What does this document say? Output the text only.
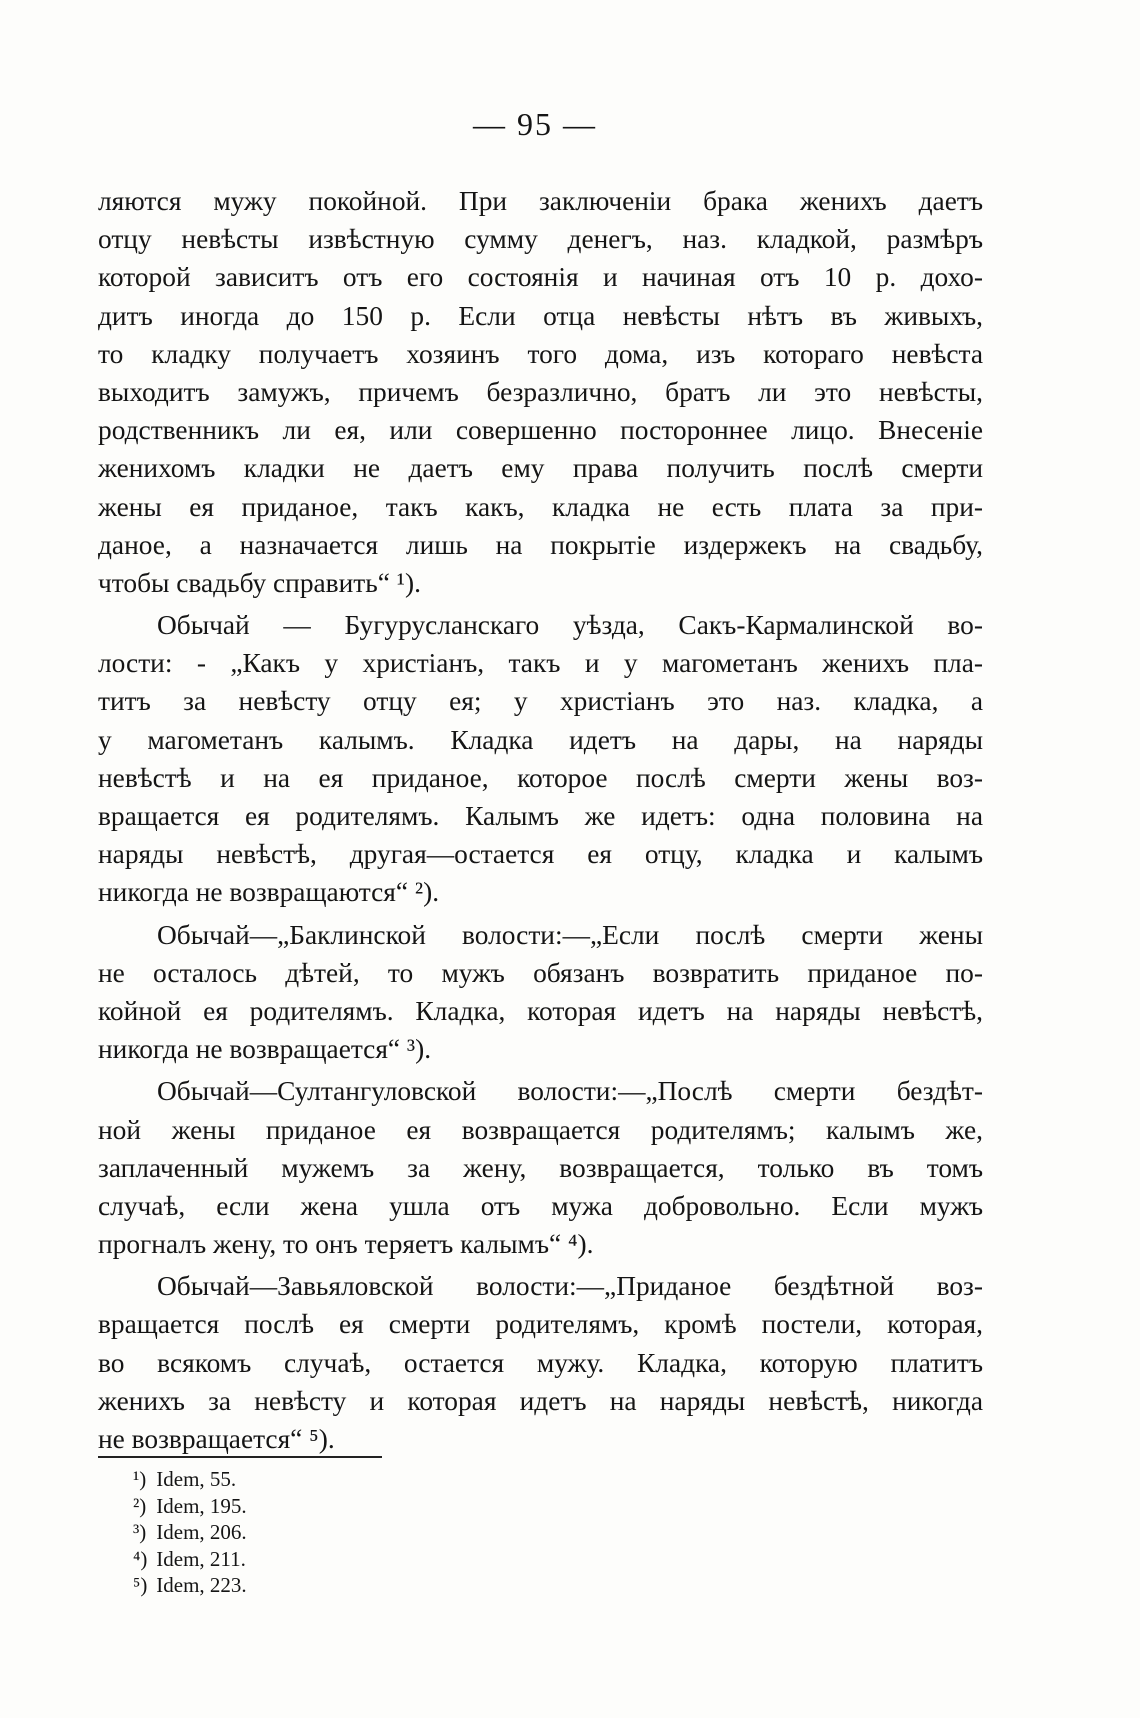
— 95 —
ляются мужу покойной. При заключенiи брака женихъ даетъ
отцу невѣсты извѣстную сумму денегъ, наз. кладкой, размѣръ
которой зависитъ отъ его состоянiя и начиная отъ 10 р. дохо-
дитъ иногда до 150 р. Если отца невѣсты нѣтъ въ живыхъ,
то кладку получаетъ хозяинъ того дома, изъ котораго невѣста
выходитъ замужъ, причемъ безразлично, братъ ли это невѣсты,
родственникъ ли ея, или совершенно постороннее лицо. Внесенiе
женихомъ кладки не даетъ ему права получить послѣ смерти
жены ея приданое, такъ какъ, кладка не есть плата за при-
даное, а назначается лишь на покрытiе издержекъ на свадьбу,
чтобы свадьбу справить“ ¹).
Обычай — Бугурусланскаго уѣзда, Сакъ-Кармалинской во-
лости: - „Какъ у христiанъ, такъ и у магометанъ женихъ пла-
титъ за невѣсту отцу ея; у христiанъ это наз. кладка, а
у магометанъ калымъ. Кладка идетъ на дары, на наряды
невѣстѣ и на ея приданое, которое послѣ смерти жены воз-
вращается ея родителямъ. Калымъ же идетъ: одна половина на
наряды невѣстѣ, другая—остается ея отцу, кладка и калымъ
никогда не возвращаются“ ²).
Обычай—„Баклинской волости:—„Если послѣ смерти жены
не осталось дѣтей, то мужъ обязанъ возвратить приданое по-
койной ея родителямъ. Кладка, которая идетъ на наряды невѣстѣ,
никогда не возвращается“ ³).
Обычай—Султангуловской волости:—„Послѣ смерти бездѣт-
ной жены приданое ея возвращается родителямъ; калымъ же,
заплаченный мужемъ за жену, возвращается, только въ томъ
случаѣ, если жена ушла отъ мужа добровольно. Если мужъ
прогналъ жену, то онъ теряетъ калымъ“ ⁴).
Обычай—Завьяловской волости:—„Приданое бездѣтной воз-
вращается послѣ ея смерти родителямъ, кромѣ постели, которая,
во всякомъ случаѣ, остается мужу. Кладка, которую платитъ
женихъ за невѣсту и которая идетъ на наряды невѣстѣ, никогда
не возвращается“ ⁵).
¹) Idem, 55.
²) Idem, 195.
³) Idem, 206.
⁴) Idem, 211.
⁵) Idem, 223.
